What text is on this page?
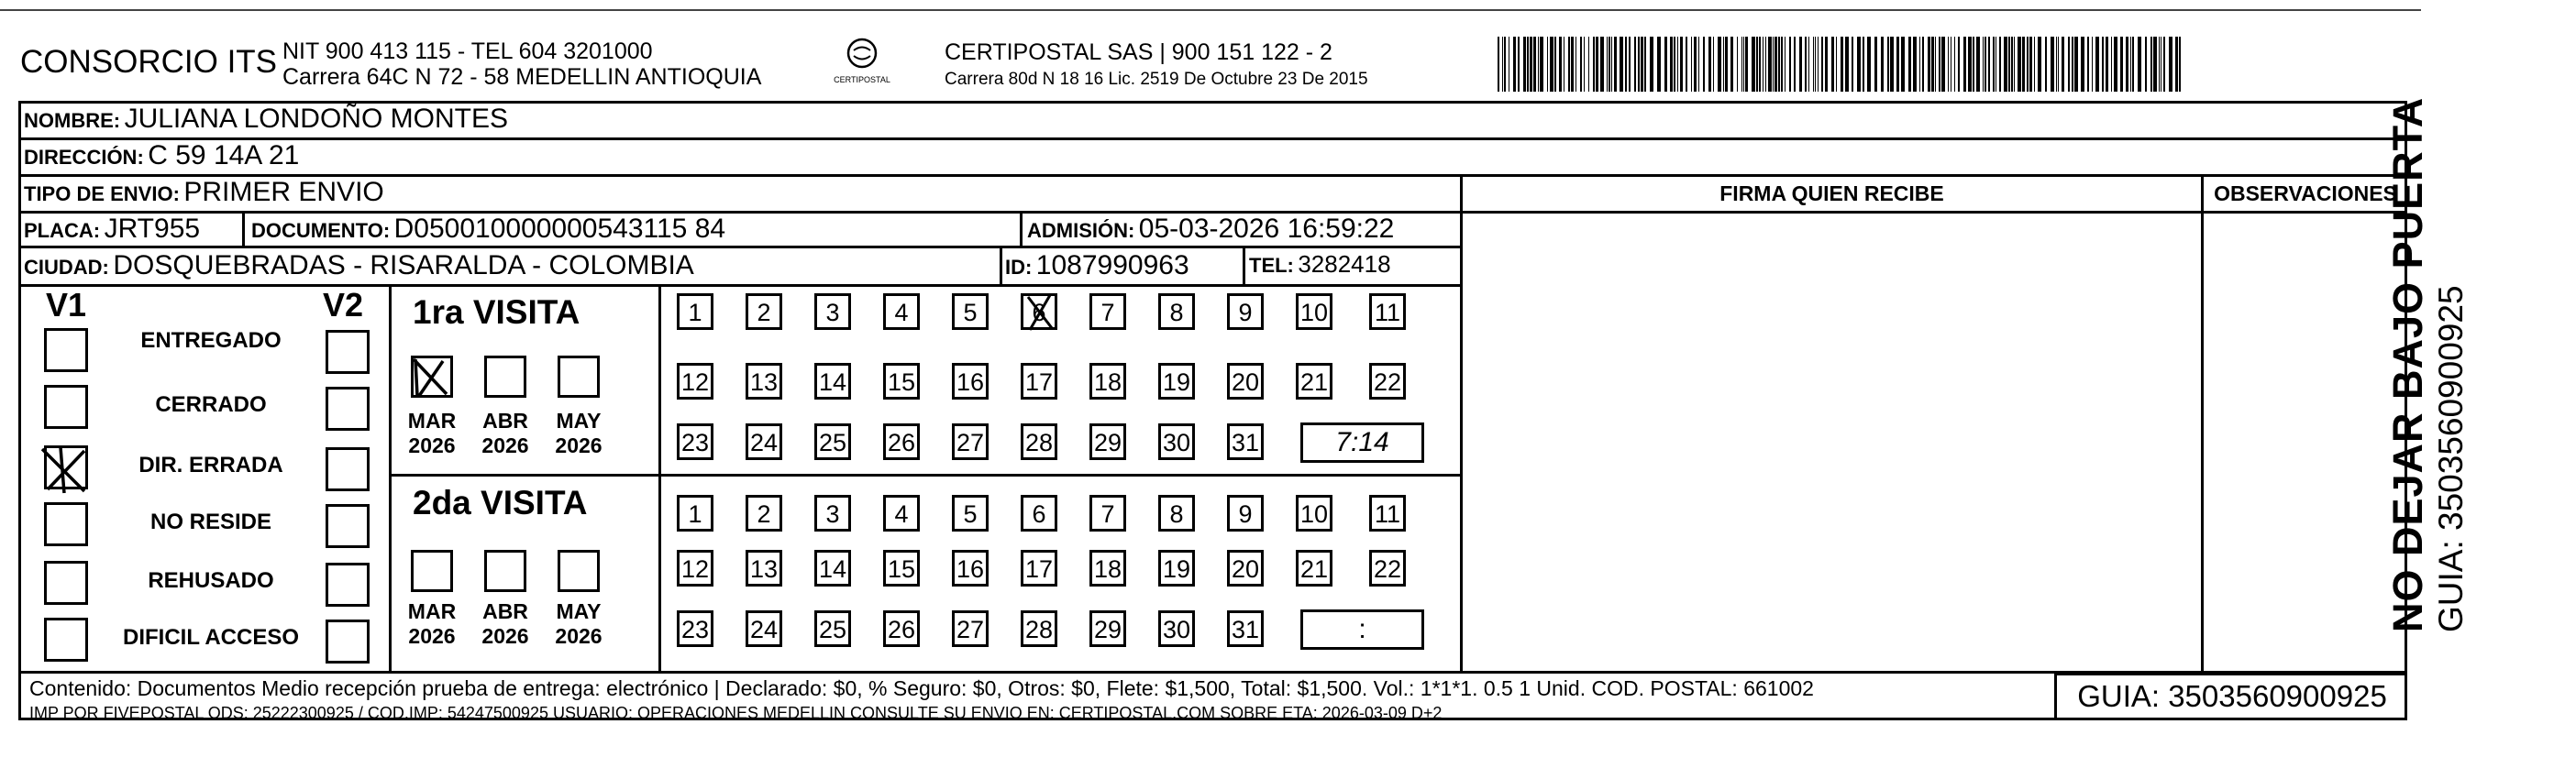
CONSORCIO ITS NIT 900 413 115 - TEL 604 3201000
Carrera 64C N 72 - 58 MEDELLIN ANTIOQUIA	CERTIPOSTAL
CERTIPOSTAL SAS | 900 151 122 - 2
Carrera 80d N 18 16 Lic. 2519 De Octubre 23 De 2015
NOMBRE: JULIANA LONDOÑO MONTES
DIRECCIÓN: C 59 14A 21
TIPO DE ENVIO: PRIMER ENVIO	FIRMA QUIEN RECIBE	OBSERVACIONES
PLACA: JRT955	DOCUMENTO: D050010000000543115 84	ADMISIÓN: 05-03-2026 16:59:22
CIUDAD: DOSQUEBRADAS - RISARALDA - COLOMBIA	ID: 1087990963	TEL: 3282418
V1	V2
ENTREGADO
CERRADO
DIR. ERRADA
NO RESIDE
REHUSADO
DIFICIL ACCESO
1ra VISITA
2da VISITA
MAR
2026
ABR
2026
MAY
2026
1	2	3	4	5	6	7	8	9	10 11
12 13 14 15 16 17 18 19 20 21 22
23 24 25 26 27 28 29 30 31	7:14
MAR
2026
ABR
2026
MAY
2026
1	2	3	4	5	6	7	8	9	10 11
12 13 14 15 16 17 18 19 20 21 22
23 24 25 26 27 28 29 30 31	:
Contenido: Documentos Medio recepción prueba de entrega: electrónico | Declarado: $0, % Seguro: $0, Otros: $0, Flete: $1,500, Total: $1,500. Vol.: 1*1*1. 0.5 1 Unid. COD. POSTAL: 661002
IMP POR FIVEPOSTAL ODS: 25222300925 / COD.IMP: 54247500925 USUARIO: OPERACIONES MEDELLIN CONSULTE SU ENVIO EN: CERTIPOSTAL.COM SOBRE ETA: 2026-03-09 D+2	GUIA: 3503560900925
NO DEJAR BAJO PUERTA GUIA: 3503560900925
